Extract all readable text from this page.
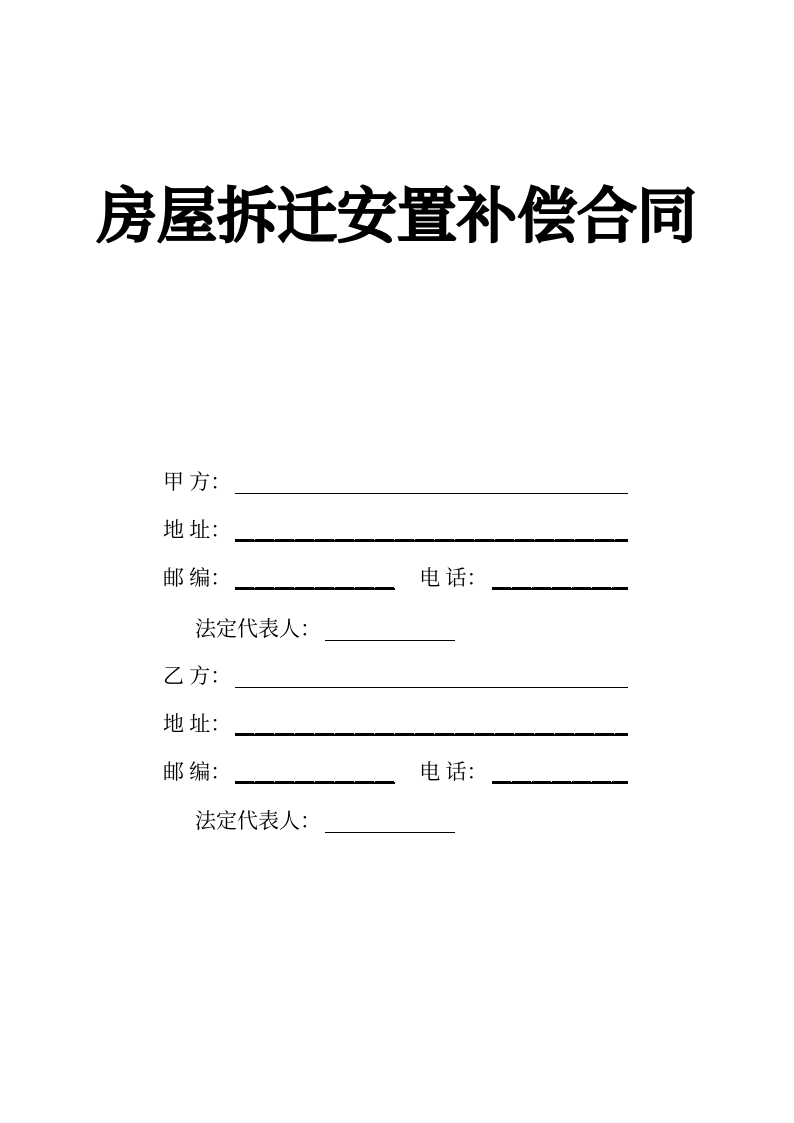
房屋拆迁安置补偿合同
甲 方：
地 址：
邮 编：	电 话：
法定代表人：
乙 方：
地 址：
邮 编：	电 话：
法定代表人：
